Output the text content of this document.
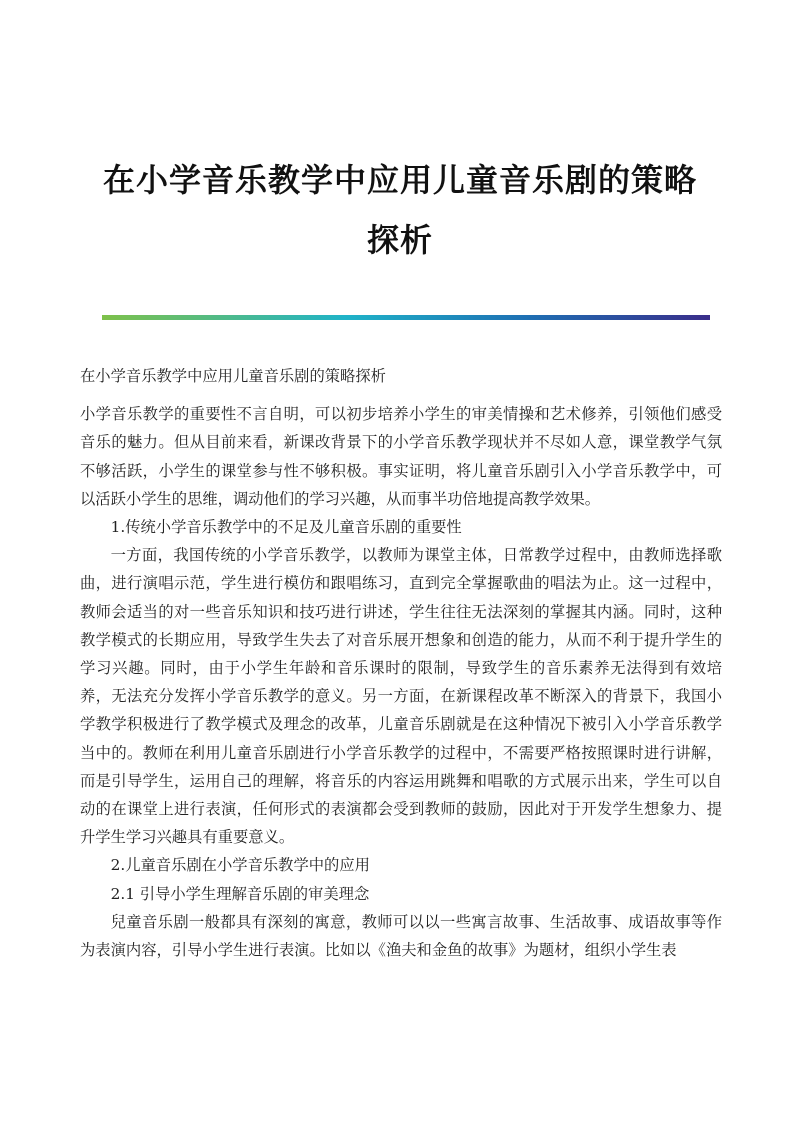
在小学音乐教学中应用儿童音乐剧的策略探析

在小学音乐教学中应用儿童音乐剧的策略探析

小学音乐教学的重要性不言自明，可以初步培养小学生的审美情操和艺术修养，引领他们感受音乐的魅力。但从目前来看，新课改背景下的小学音乐教学现状并不尽如人意，课堂教学气氛不够活跃，小学生的课堂参与性不够积极。事实证明，将儿童音乐剧引入小学音乐教学中，可以活跃小学生的思维，调动他们的学习兴趣，从而事半功倍地提高教学效果。

1.传统小学音乐教学中的不足及儿童音乐剧的重要性

一方面，我国传统的小学音乐教学，以教师为课堂主体，日常教学过程中，由教师选择歌曲，进行演唱示范，学生进行模仿和跟唱练习，直到完全掌握歌曲的唱法为止。这一过程中，教师会适当的对一些音乐知识和技巧进行讲述，学生往往无法深刻的掌握其内涵。同时，这种教学模式的长期应用，导致学生失去了对音乐展开想象和创造的能力，从而不利于提升学生的学习兴趣。同时，由于小学生年龄和音乐课时的限制，导致学生的音乐素养无法得到有效培养，无法充分发挥小学音乐教学的意义。另一方面，在新课程改革不断深入的背景下，我国小学教学积极进行了教学模式及理念的改革，儿童音乐剧就是在这种情况下被引入小学音乐教学当中的。教师在利用儿童音乐剧进行小学音乐教学的过程中，不需要严格按照课时进行讲解，而是引导学生，运用自己的理解，将音乐的内容运用跳舞和唱歌的方式展示出来，学生可以自动的在课堂上进行表演，任何形式的表演都会受到教师的鼓励，因此对于开发学生想象力、提升学生学习兴趣具有重要意义。

2.儿童音乐剧在小学音乐教学中的应用

2.1 引导小学生理解音乐剧的审美理念

兒童音乐剧一般都具有深刻的寓意，教师可以以一些寓言故事、生活故事、成语故事等作为表演内容，引导小学生进行表演。比如以《渔夫和金鱼的故事》为题材，组织小学生表
